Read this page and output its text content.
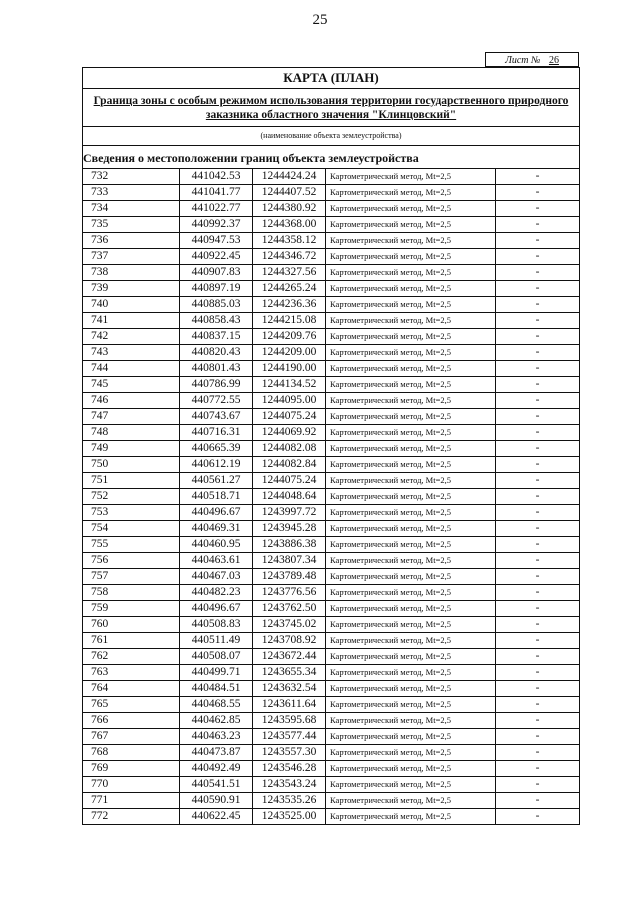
25
Лист № 26
КАРТА (ПЛАН)
Граница зоны с особым режимом использования территории государственного природного заказника областного значения "Клинцовский"
(наименование объекта землеустройства)
Сведения о местоположении границ объекта землеустройства
732	441042.53	1244424.24	Картометрический метод, Mt=2,5	-
733	441041.77	1244407.52	Картометрический метод, Mt=2,5	-
734	441022.77	1244380.92	Картометрический метод, Mt=2,5	-
735	440992.37	1244368.00	Картометрический метод, Mt=2,5	-
736	440947.53	1244358.12	Картометрический метод, Mt=2,5	-
737	440922.45	1244346.72	Картометрический метод, Mt=2,5	-
738	440907.83	1244327.56	Картометрический метод, Mt=2,5	-
739	440897.19	1244265.24	Картометрический метод, Mt=2,5	-
740	440885.03	1244236.36	Картометрический метод, Mt=2,5	-
741	440858.43	1244215.08	Картометрический метод, Mt=2,5	-
742	440837.15	1244209.76	Картометрический метод, Mt=2,5	-
743	440820.43	1244209.00	Картометрический метод, Mt=2,5	-
744	440801.43	1244190.00	Картометрический метод, Mt=2,5	-
745	440786.99	1244134.52	Картометрический метод, Mt=2,5	-
746	440772.55	1244095.00	Картометрический метод, Mt=2,5	-
747	440743.67	1244075.24	Картометрический метод, Mt=2,5	-
748	440716.31	1244069.92	Картометрический метод, Mt=2,5	-
749	440665.39	1244082.08	Картометрический метод, Mt=2,5	-
750	440612.19	1244082.84	Картометрический метод, Mt=2,5	-
751	440561.27	1244075.24	Картометрический метод, Mt=2,5	-
752	440518.71	1244048.64	Картометрический метод, Mt=2,5	-
753	440496.67	1243997.72	Картометрический метод, Mt=2,5	-
754	440469.31	1243945.28	Картометрический метод, Mt=2,5	-
755	440460.95	1243886.38	Картометрический метод, Mt=2,5	-
756	440463.61	1243807.34	Картометрический метод, Mt=2,5	-
757	440467.03	1243789.48	Картометрический метод, Mt=2,5	-
758	440482.23	1243776.56	Картометрический метод, Mt=2,5	-
759	440496.67	1243762.50	Картометрический метод, Mt=2,5	-
760	440508.83	1243745.02	Картометрический метод, Mt=2,5	-
761	440511.49	1243708.92	Картометрический метод, Mt=2,5	-
762	440508.07	1243672.44	Картометрический метод, Mt=2,5	-
763	440499.71	1243655.34	Картометрический метод, Mt=2,5	-
764	440484.51	1243632.54	Картометрический метод, Mt=2,5	-
765	440468.55	1243611.64	Картометрический метод, Mt=2,5	-
766	440462.85	1243595.68	Картометрический метод, Mt=2,5	-
767	440463.23	1243577.44	Картометрический метод, Mt=2,5	-
768	440473.87	1243557.30	Картометрический метод, Mt=2,5	-
769	440492.49	1243546.28	Картометрический метод, Mt=2,5	-
770	440541.51	1243543.24	Картометрический метод, Mt=2,5	-
771	440590.91	1243535.26	Картометрический метод, Mt=2,5	-
772	440622.45	1243525.00	Картометрический метод, Mt=2,5	-
